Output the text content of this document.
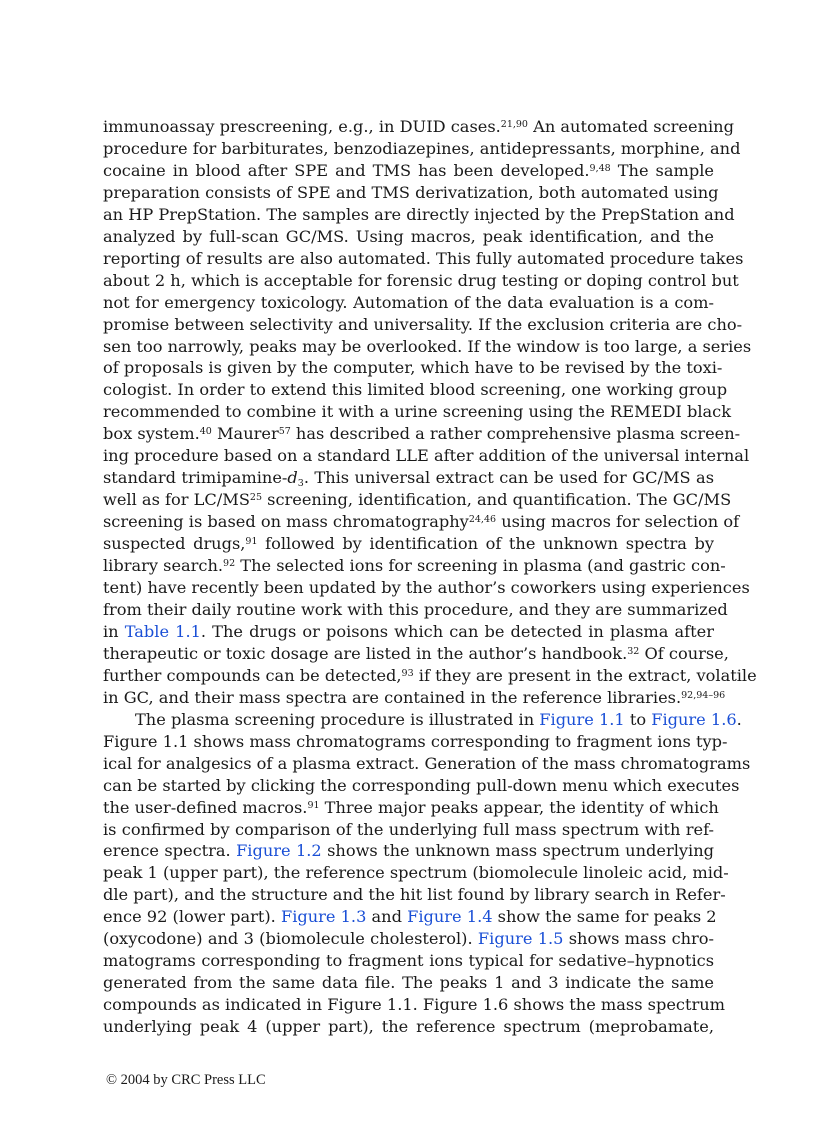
immunoassay prescreening, e.g., in DUID cases.$^{21,90}$ An automated screening
procedure for barbiturates, benzodiazepines, antidepressants, morphine, and
cocaine in blood after SPE and TMS has been developed.$^{9,48}$ The sample
preparation consists of SPE and TMS derivatization, both automated using
an HP PrepStation. The samples are directly injected by the PrepStation and
analyzed by full-scan GC/MS. Using macros, peak identification, and the
reporting of results are also automated. This fully automated procedure takes
about 2 h, which is acceptable for forensic drug testing or doping control but
not for emergency toxicology. Automation of the data evaluation is a com-
promise between selectivity and universality. If the exclusion criteria are cho-
sen too narrowly, peaks may be overlooked. If the window is too large, a series
of proposals is given by the computer, which have to be revised by the toxi-
cologist. In order to extend this limited blood screening, one working group
recommended to combine it with a urine screening using the REMEDI black
box system.$^{40}$ Maurer$^{57}$ has described a rather comprehensive plasma screen-
ing procedure based on a standard LLE after addition of the universal internal
standard trimipamine-$d_3$. This universal extract can be used for GC/MS as
well as for LC/MS$^{25}$ screening, identification, and quantification. The GC/MS
screening is based on mass chromatography$^{24,46}$ using macros for selection of
suspected drugs,$^{91}$ followed by identification of the unknown spectra by
library search.$^{92}$ The selected ions for screening in plasma (and gastric con-
tent) have recently been updated by the author’s coworkers using experiences
from their daily routine work with this procedure, and they are summarized
in Table 1.1. The drugs or poisons which can be detected in plasma after
therapeutic or toxic dosage are listed in the author’s handbook.$^{32}$ Of course,
further compounds can be detected,$^{93}$ if they are present in the extract, volatile
in GC, and their mass spectra are contained in the reference libraries.$^{92,94-96}$
The plasma screening procedure is illustrated in Figure 1.1 to Figure 1.6.
Figure 1.1 shows mass chromatograms corresponding to fragment ions typ-
ical for analgesics of a plasma extract. Generation of the mass chromatograms
can be started by clicking the corresponding pull-down menu which executes
the user-defined macros.$^{91}$ Three major peaks appear, the identity of which
is confirmed by comparison of the underlying full mass spectrum with ref-
erence spectra. Figure 1.2 shows the unknown mass spectrum underlying
peak 1 (upper part), the reference spectrum (biomolecule linoleic acid, mid-
dle part), and the structure and the hit list found by library search in Refer-
ence 92 (lower part). Figure 1.3 and Figure 1.4 show the same for peaks 2
(oxycodone) and 3 (biomolecule cholesterol). Figure 1.5 shows mass chro-
matograms corresponding to fragment ions typical for sedative–hypnotics
generated from the same data file. The peaks 1 and 3 indicate the same
compounds as indicated in Figure 1.1. Figure 1.6 shows the mass spectrum
underlying peak 4 (upper part), the reference spectrum (meprobamate,
© 2004 by CRC Press LLC
